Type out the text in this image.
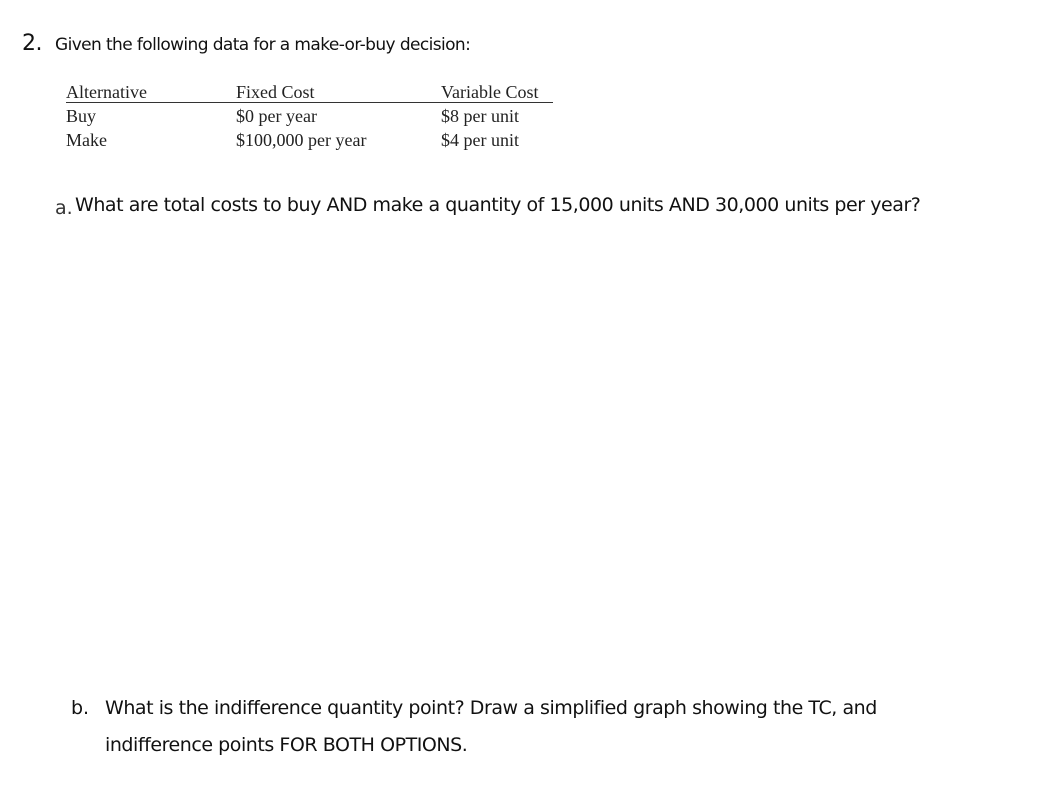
2. Given the following data for a make-or-buy decision:
Alternative	Fixed Cost	Variable Cost
Buy	$0 per year	$8 per unit
Make	$100,000 per year	$4 per unit
a. What are total costs to buy AND make a quantity of 15,000 units AND 30,000 units per year?
b. What is the indifference quantity point? Draw a simplified graph showing the TC, and
indifference points FOR BOTH OPTIONS.
